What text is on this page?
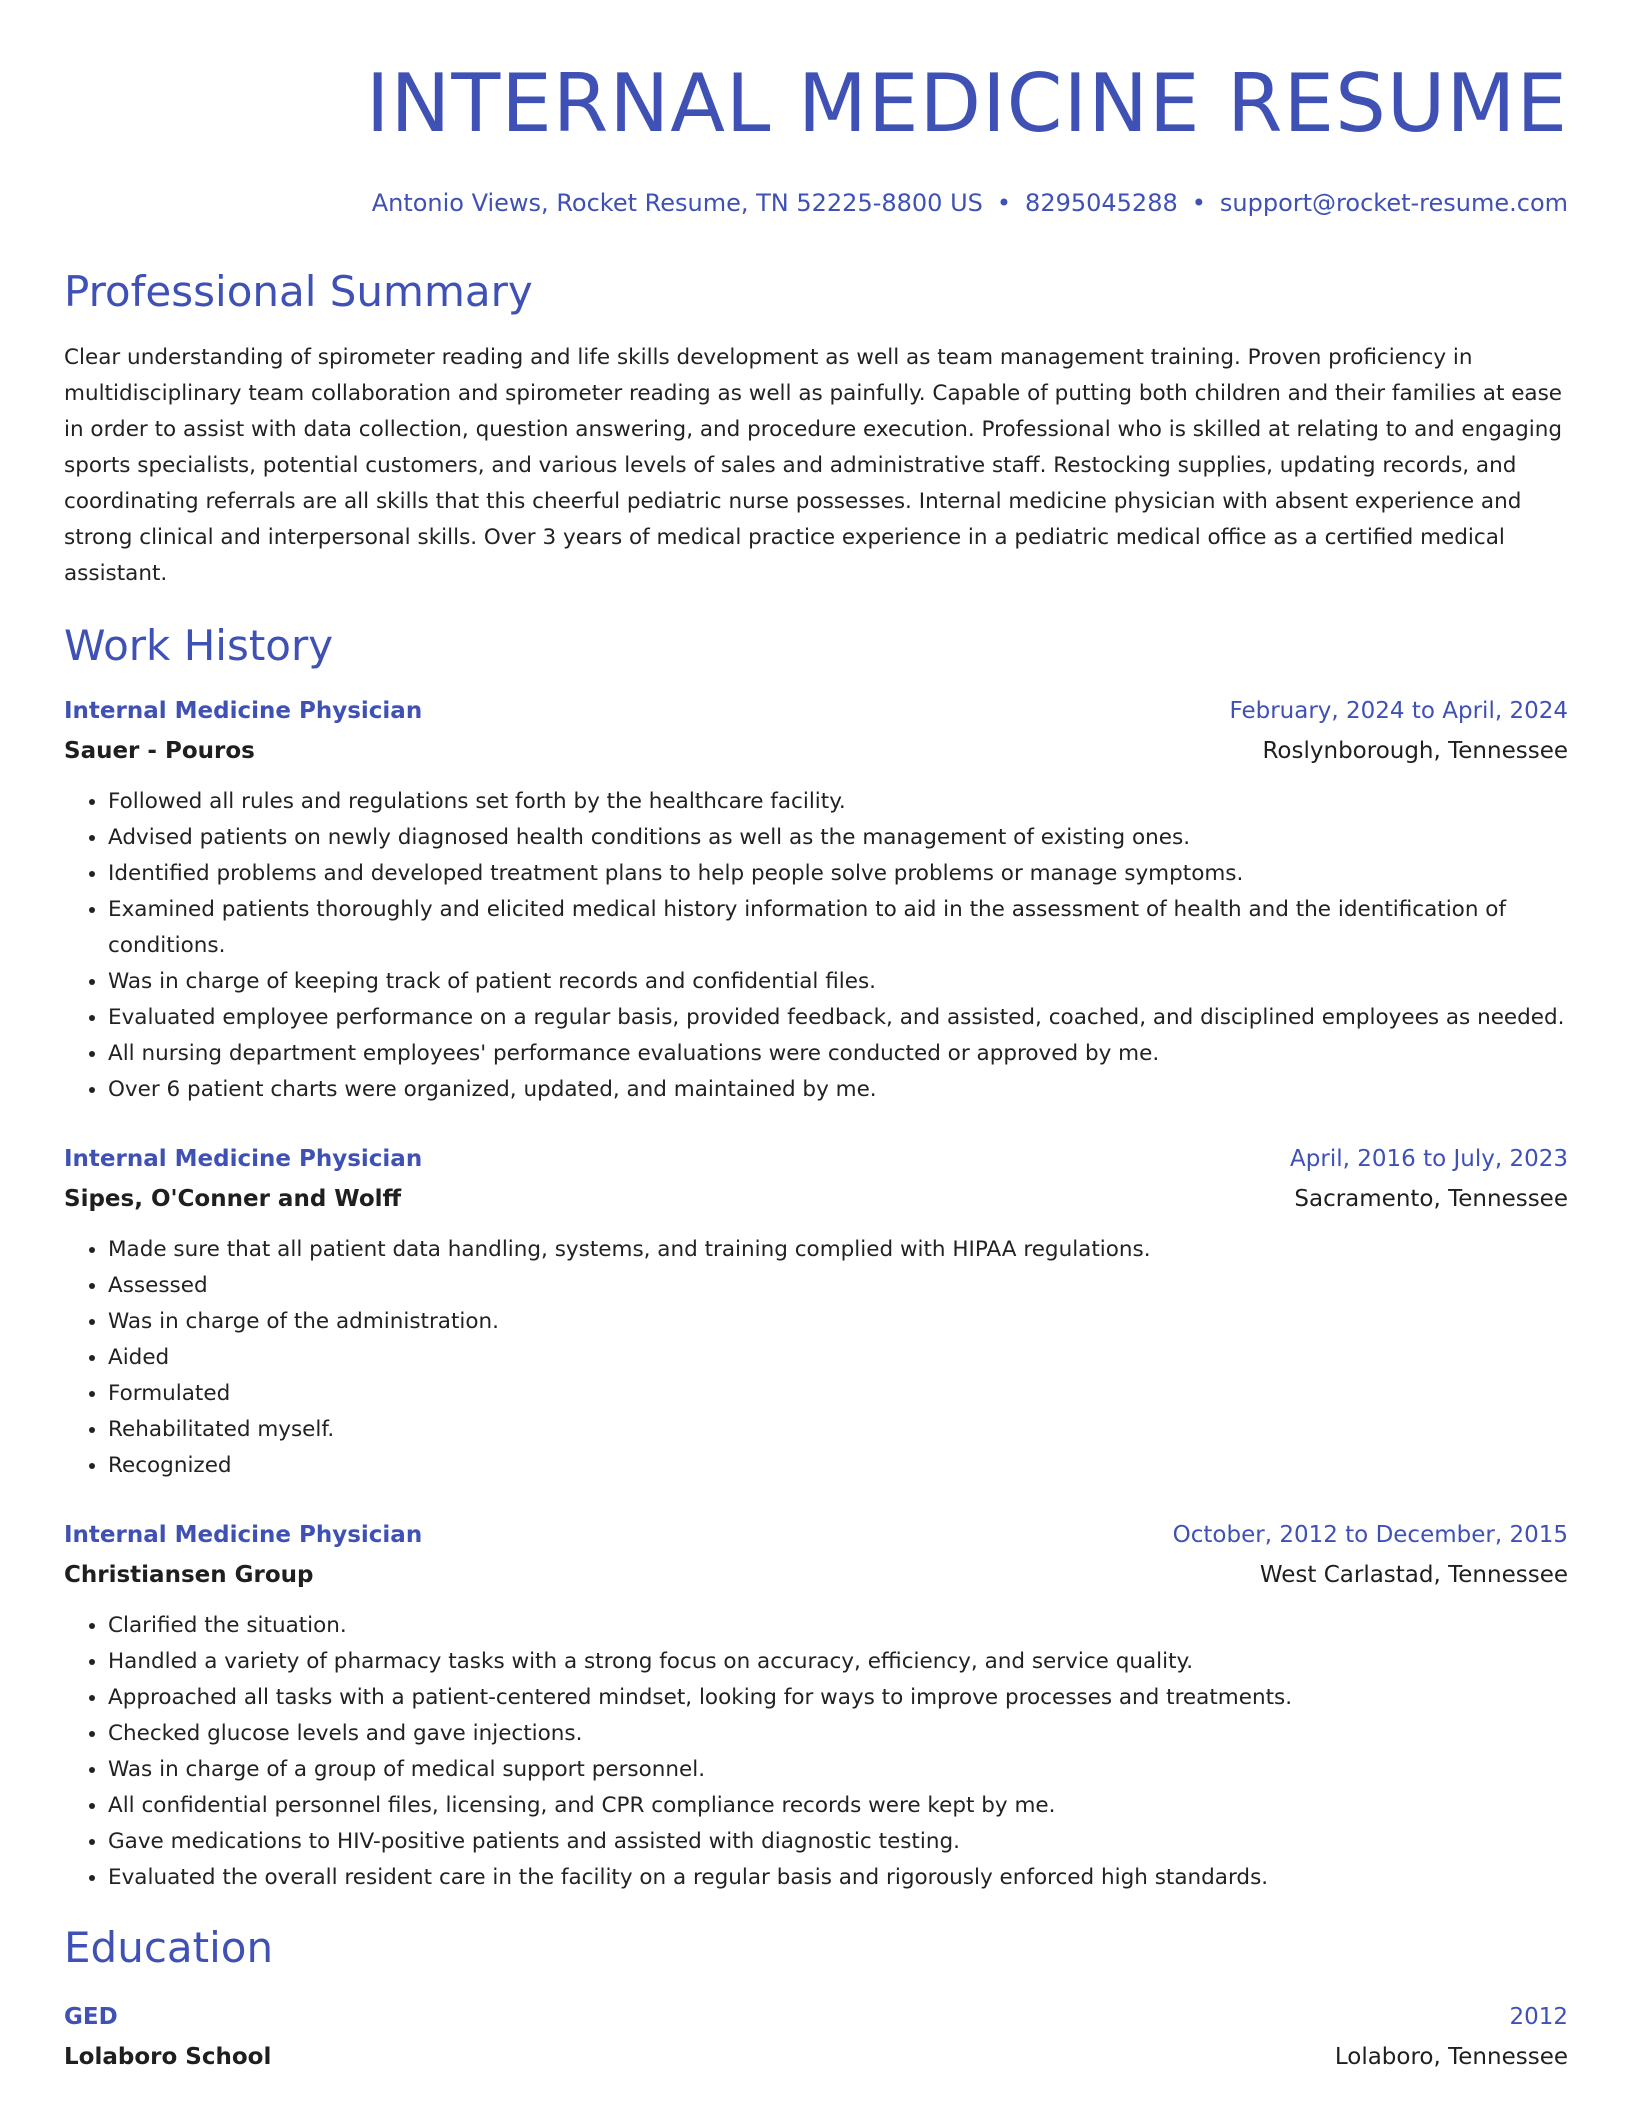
INTERNAL MEDICINE RESUME
Antonio Views, Rocket Resume, TN 52225-8800 US • 8295045288 • support@rocket-resume.com
Professional Summary
Clear understanding of spirometer reading and life skills development as well as team management training. Proven proficiency in multidisciplinary team collaboration and spirometer reading as well as painfully. Capable of putting both children and their families at ease in order to assist with data collection, question answering, and procedure execution. Professional who is skilled at relating to and engaging sports specialists, potential customers, and various levels of sales and administrative staff. Restocking supplies, updating records, and coordinating referrals are all skills that this cheerful pediatric nurse possesses. Internal medicine physician with absent experience and strong clinical and interpersonal skills. Over 3 years of medical practice experience in a pediatric medical office as a certified medical assistant.
Work History
Internal Medicine Physician	February, 2024 to April, 2024
Sauer - Pouros	Roslynborough, Tennessee
• Followed all rules and regulations set forth by the healthcare facility.
• Advised patients on newly diagnosed health conditions as well as the management of existing ones.
• Identified problems and developed treatment plans to help people solve problems or manage symptoms.
• Examined patients thoroughly and elicited medical history information to aid in the assessment of health and the identification of conditions.
• Was in charge of keeping track of patient records and confidential files.
• Evaluated employee performance on a regular basis, provided feedback, and assisted, coached, and disciplined employees as needed.
• All nursing department employees' performance evaluations were conducted or approved by me.
• Over 6 patient charts were organized, updated, and maintained by me.
Internal Medicine Physician	April, 2016 to July, 2023
Sipes, O'Conner and Wolff	Sacramento, Tennessee
• Made sure that all patient data handling, systems, and training complied with HIPAA regulations.
• Assessed
• Was in charge of the administration.
• Aided
• Formulated
• Rehabilitated myself.
• Recognized
Internal Medicine Physician	October, 2012 to December, 2015
Christiansen Group	West Carlastad, Tennessee
• Clarified the situation.
• Handled a variety of pharmacy tasks with a strong focus on accuracy, efficiency, and service quality.
• Approached all tasks with a patient-centered mindset, looking for ways to improve processes and treatments.
• Checked glucose levels and gave injections.
• Was in charge of a group of medical support personnel.
• All confidential personnel files, licensing, and CPR compliance records were kept by me.
• Gave medications to HIV-positive patients and assisted with diagnostic testing.
• Evaluated the overall resident care in the facility on a regular basis and rigorously enforced high standards.
Education
GED	2012
Lolaboro School	Lolaboro, Tennessee
